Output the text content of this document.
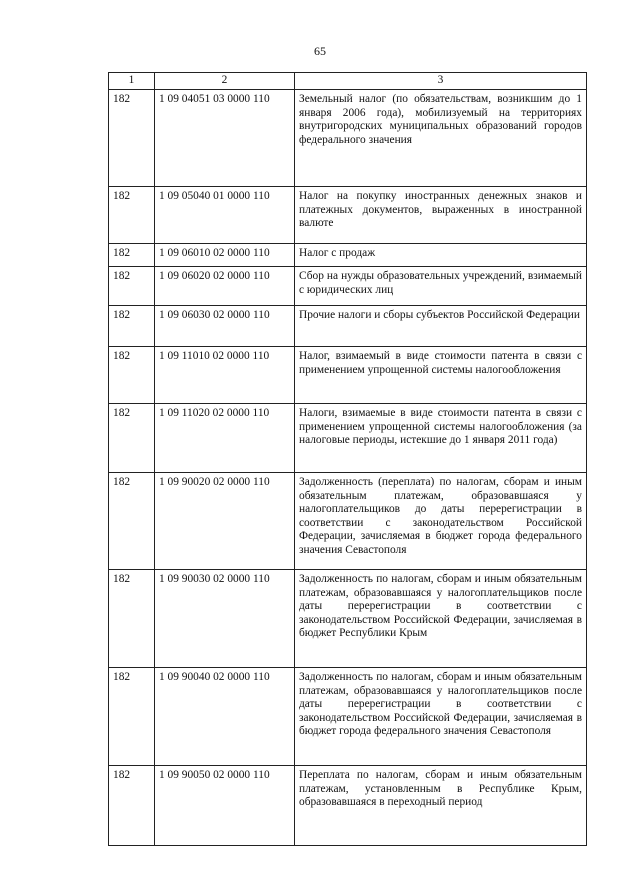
65
1	2	3
182	1 09 04051 03 0000 110	Земельный налог (по обязательствам, возникшим до 1 января 2006 года), мобилизуемый на территориях внутригородских муниципальных образований городов федерального значения
182	1 09 05040 01 0000 110	Налог на покупку иностранных денежных знаков и платежных документов, выраженных в иностранной валюте
182	1 09 06010 02 0000 110	Налог с продаж
182	1 09 06020 02 0000 110	Сбор на нужды образовательных учреждений, взимаемый с юридических лиц
182	1 09 06030 02 0000 110	Прочие налоги и сборы субъектов Российской Федерации
182	1 09 11010 02 0000 110	Налог, взимаемый в виде стоимости патента в связи с применением упрощенной системы налогообложения
182	1 09 11020 02 0000 110	Налоги, взимаемые в виде стоимости патента в связи с применением упрощенной системы налогообложения (за налоговые периоды, истекшие до 1 января 2011 года)
182	1 09 90020 02 0000 110	Задолженность (переплата) по налогам, сборам и иным обязательным платежам, образовавшаяся у налогоплательщиков до даты перерегистрации в соответствии с законодательством Российской Федерации, зачисляемая в бюджет города федерального значения Севастополя
182	1 09 90030 02 0000 110	Задолженность по налогам, сборам и иным обязательным платежам, образовавшаяся у налогоплательщиков после даты перерегистрации в соответствии с законодательством Российской Федерации, зачисляемая в бюджет Республики Крым
182	1 09 90040 02 0000 110	Задолженность по налогам, сборам и иным обязательным платежам, образовавшаяся у налогоплательщиков после даты перерегистрации в соответствии с законодательством Российской Федерации, зачисляемая в бюджет города федерального значения Севастополя
182	1 09 90050 02 0000 110	Переплата по налогам, сборам и иным обязательным платежам, установленным в Республике Крым, образовавшаяся в переходный период
